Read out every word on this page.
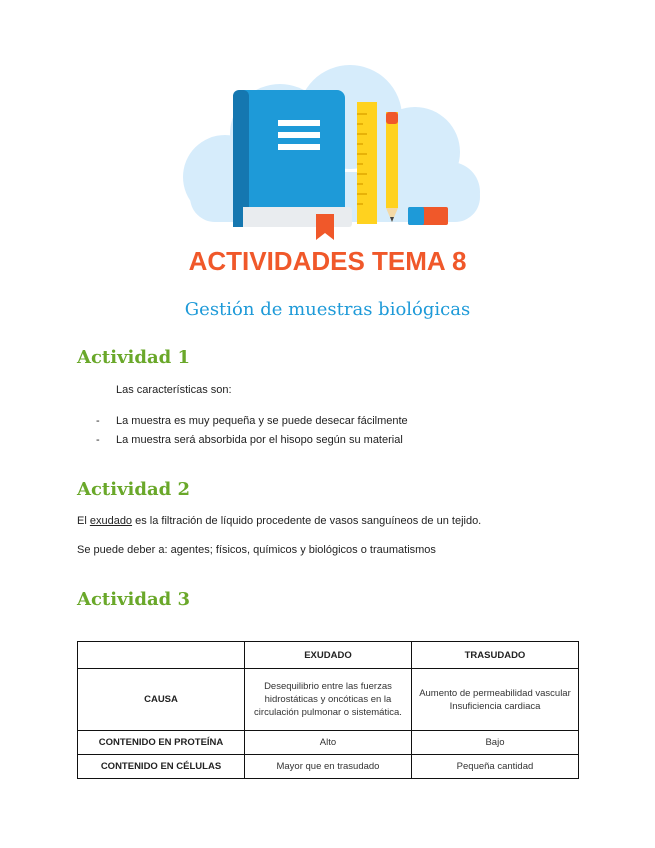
ACTIVIDADES TEMA 8
Gestión de muestras biológicas
Actividad 1
Las características son:
- La muestra es muy pequeña y se puede desecar fácilmente
- La muestra será absorbida por el hisopo según su material
Actividad 2
El exudado es la filtración de líquido procedente de vasos sanguíneos de un tejido.
Se puede deber a: agentes; físicos, químicos y biológicos o traumatismos
Actividad 3
	EXUDADO	TRASUDADO
CAUSA	Desequilibrio entre las fuerzas hidrostáticas y oncóticas en la circulación pulmonar o sistemática.	Aumento de permeabilidad vascular
Insuficiencia cardiaca
CONTENIDO EN PROTEÍNA	Alto	Bajo
CONTENIDO EN CÉLULAS	Mayor que en trasudado	Pequeña cantidad
